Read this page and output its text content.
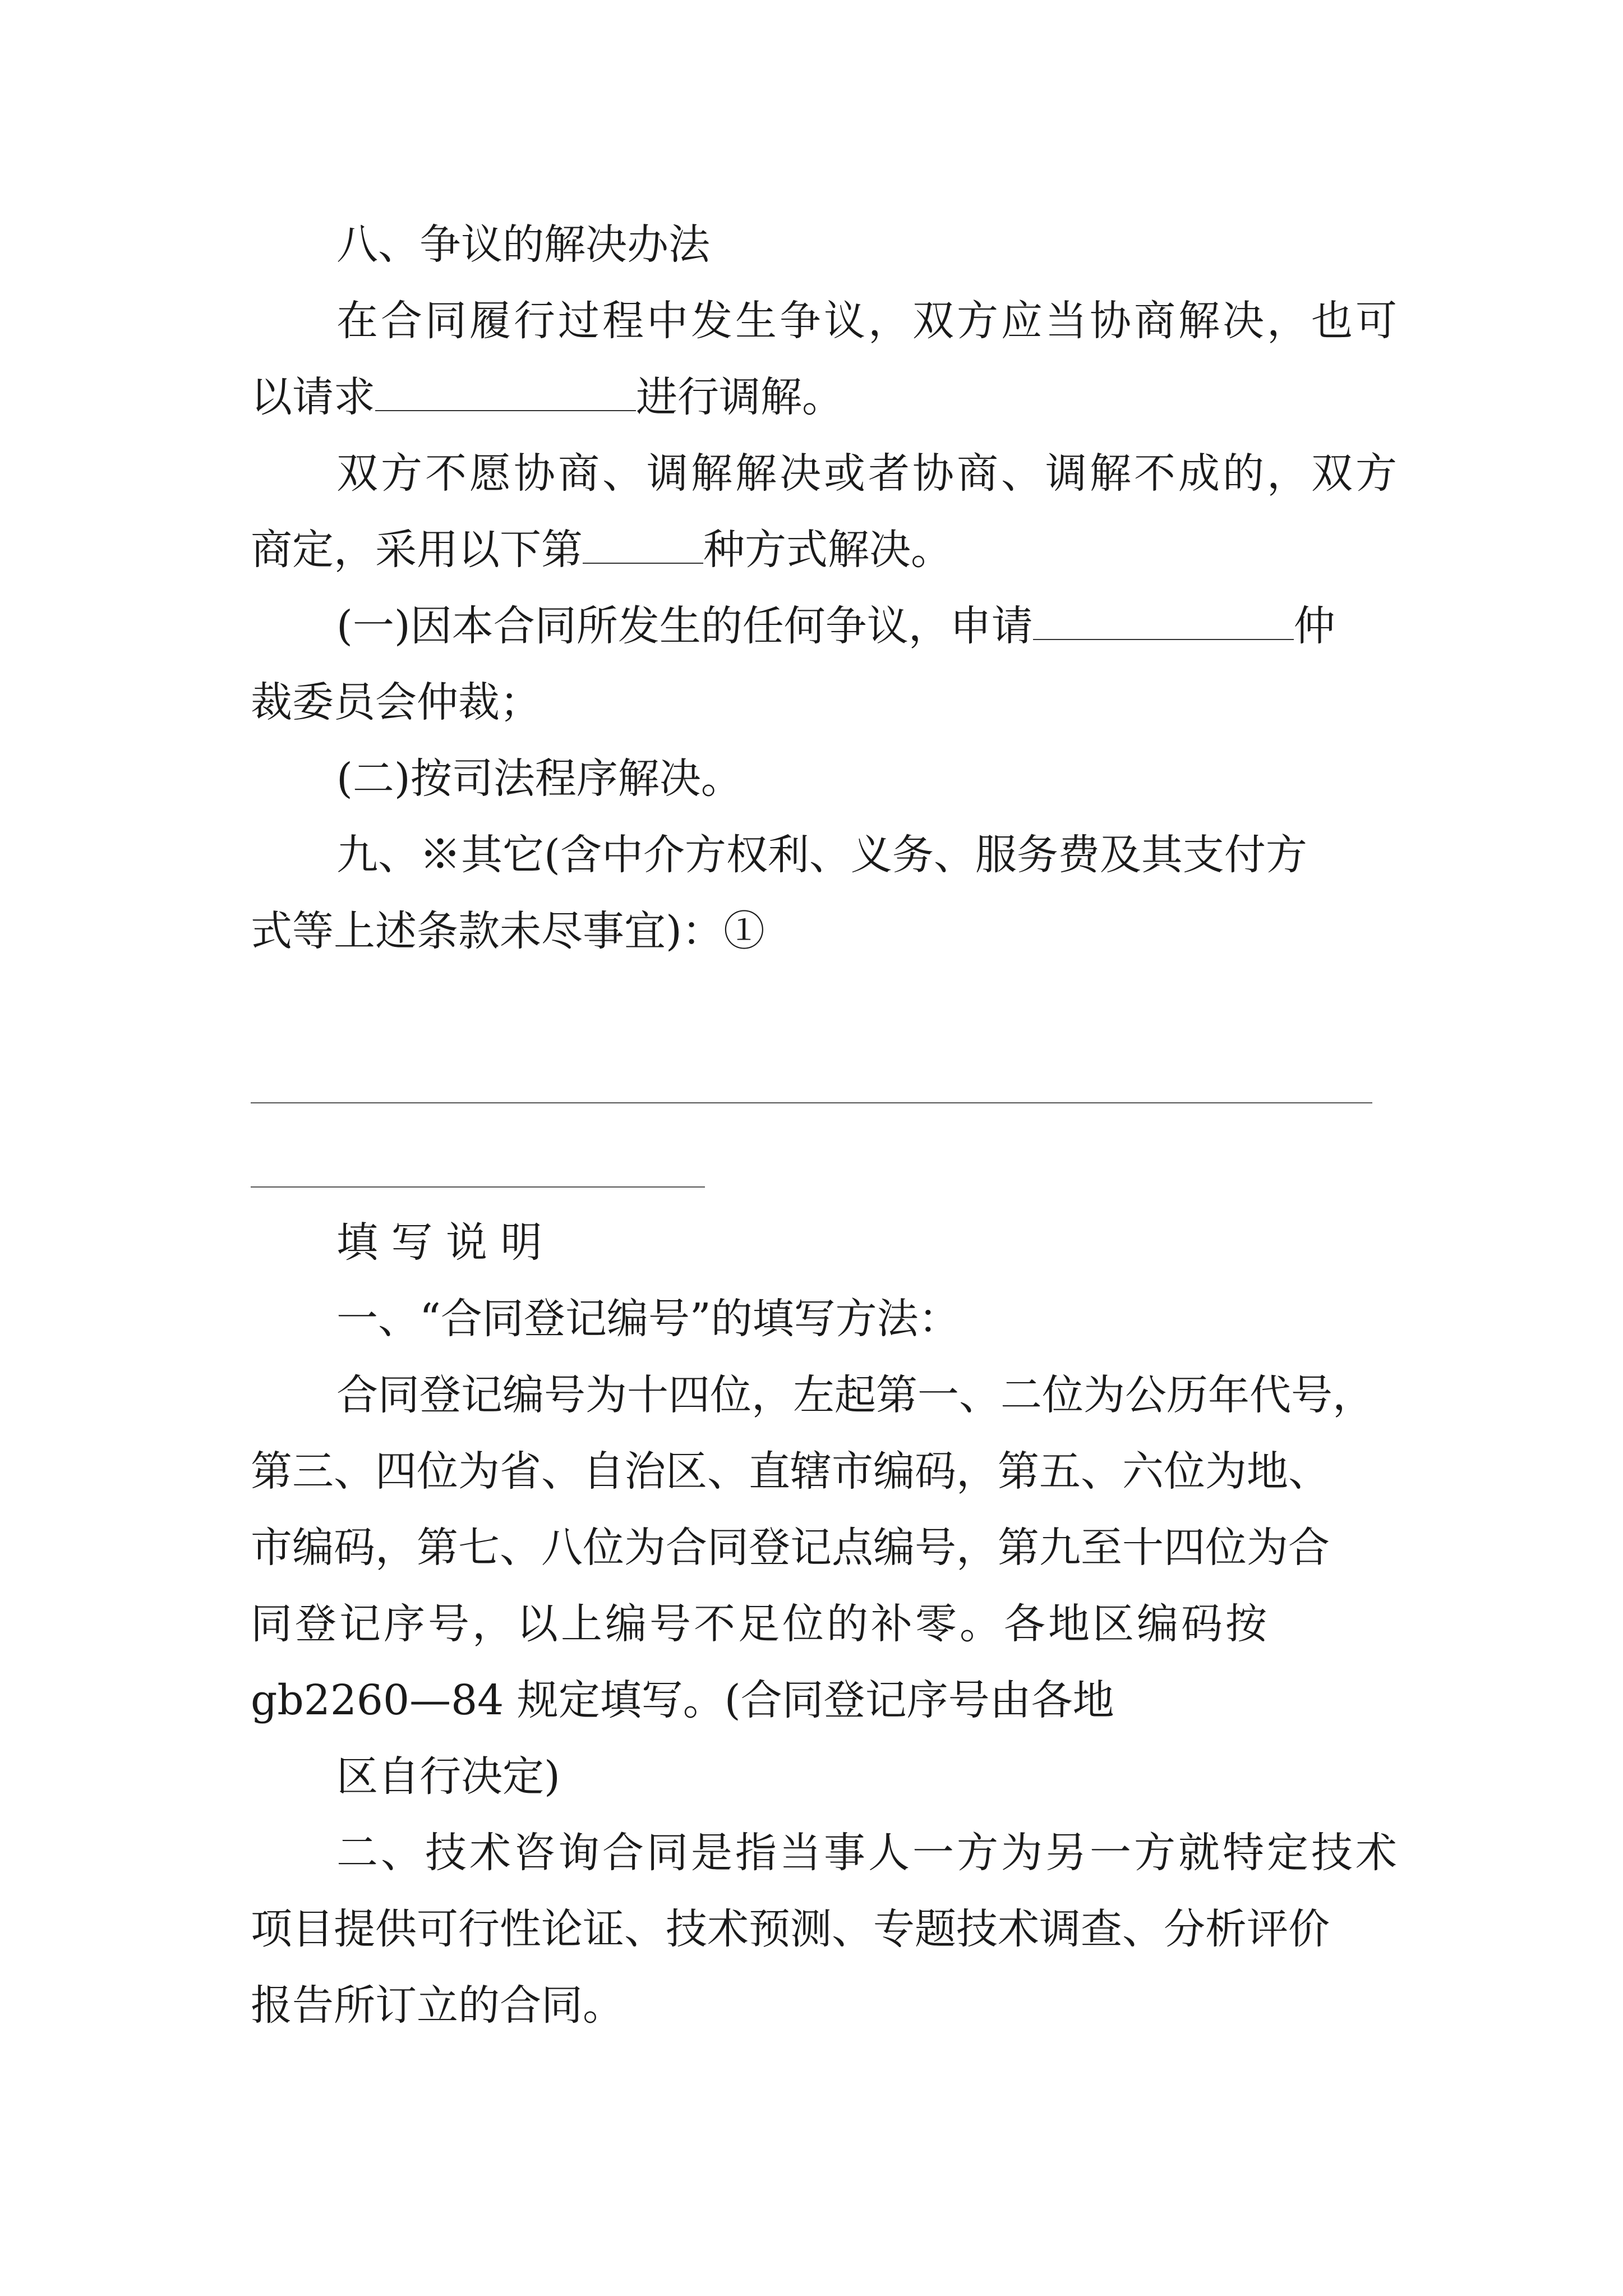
八、争议的解决办法

在合同履行过程中发生争议，双方应当协商解决，也可

以请求	进行调解。

双方不愿协商、调解解决或者协商、调解不成的，双方

商定，采用以下第	种方式解决。

(一)因本合同所发生的任何争议，申请	仲

裁委员会仲裁；

(二)按司法程序解决。

九、※其它(含中介方权利、义务、服务费及其支付方

式等上述条款未尽事宜)：①

填 写 说 明

一、“合同登记编号”的填写方法：

合同登记编号为十四位，左起第一、二位为公历年代号，

第三、四位为省、自治区、直辖市编码，第五、六位为地、

市编码，第七、八位为合同登记点编号，第九至十四位为合

同登记序号，以上编号不足位的补零。各地区编码按

gb2260—84 规定填写。(合同登记序号由各地

区自行决定)

二、技术咨询合同是指当事人一方为另一方就特定技术

项目提供可行性论证、技术预测、专题技术调查、分析评价

报告所订立的合同。
